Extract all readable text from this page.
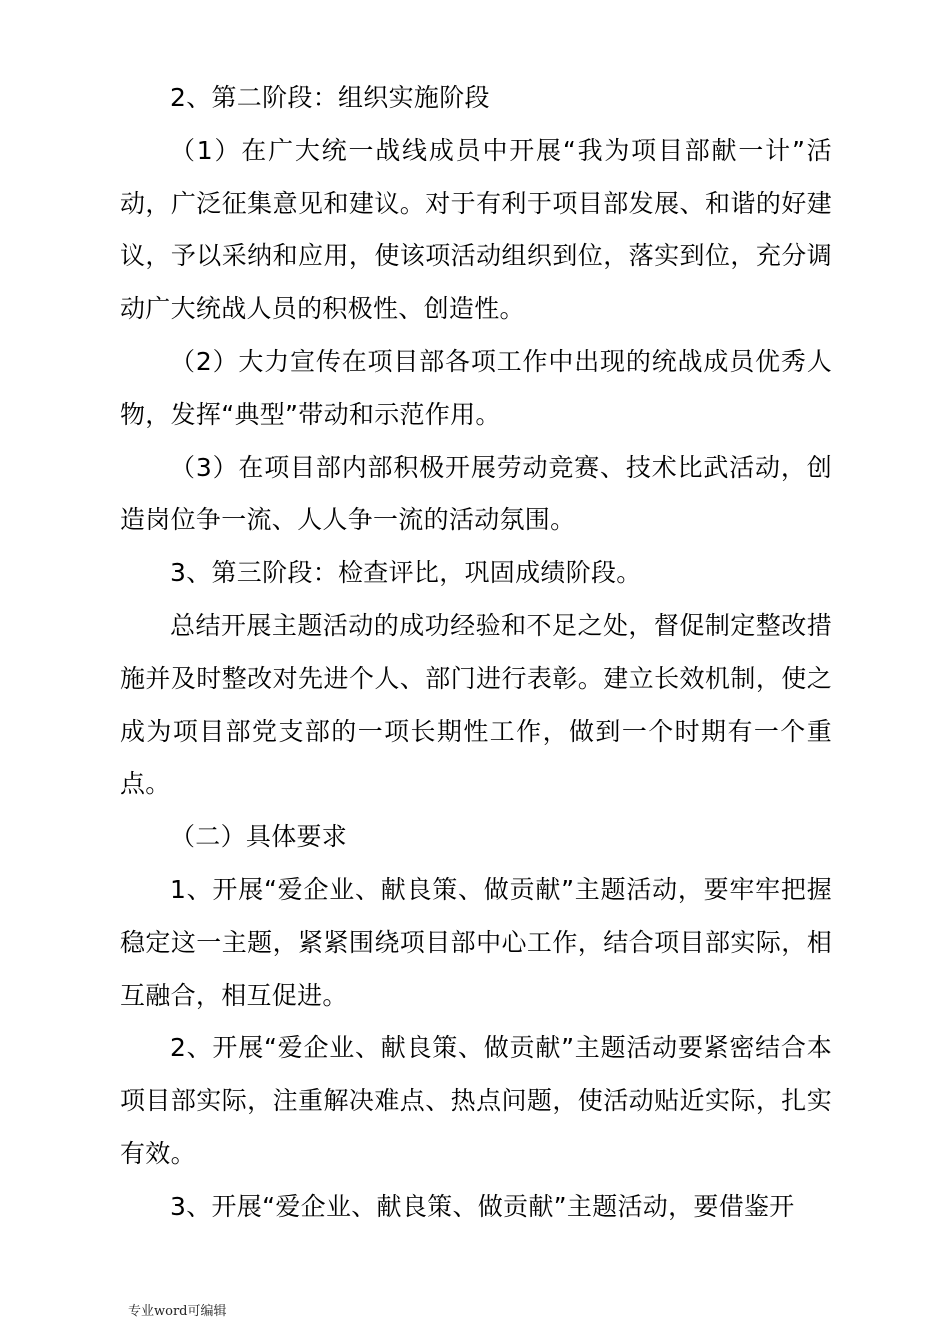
2、第二阶段：组织实施阶段

（1）在广大统一战线成员中开展“我为项目部献一计”活动，广泛征集意见和建议。对于有利于项目部发展、和谐的好建议，予以采纳和应用，使该项活动组织到位，落实到位，充分调动广大统战人员的积极性、创造性。

（2）大力宣传在项目部各项工作中出现的统战成员优秀人物，发挥“典型”带动和示范作用。

（3）在项目部内部积极开展劳动竞赛、技术比武活动，创造岗位争一流、人人争一流的活动氛围。

3、第三阶段：检查评比，巩固成绩阶段。

总结开展主题活动的成功经验和不足之处，督促制定整改措施并及时整改对先进个人、部门进行表彰。建立长效机制，使之成为项目部党支部的一项长期性工作，做到一个时期有一个重点。

（二）具体要求

1、开展“爱企业、献良策、做贡献”主题活动，要牢牢把握稳定这一主题，紧紧围绕项目部中心工作，结合项目部实际，相互融合，相互促进。

2、开展“爱企业、献良策、做贡献”主题活动要紧密结合本项目部实际，注重解决难点、热点问题，使活动贴近实际，扎实有效。

3、开展“爱企业、献良策、做贡献”主题活动，要借鉴开

专业word可编辑
